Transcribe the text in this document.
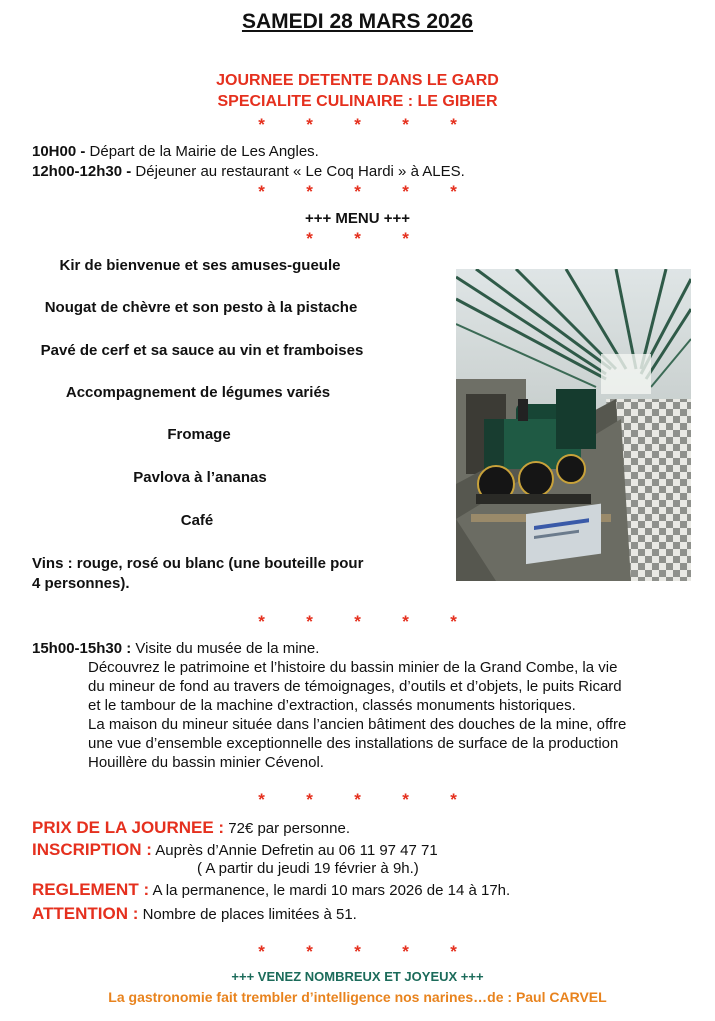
SAMEDI 28 MARS 2026
JOURNEE DETENTE DANS LE GARD
SPECIALITE CULINAIRE : LE GIBIER
* * * * *
10H00 - Départ de la Mairie de Les Angles.
12h00-12h30 - Déjeuner au restaurant « Le Coq Hardi » à ALES.
* * * * *
+++ MENU +++
* * *
Kir de bienvenue et ses amuses-gueule
Nougat de chèvre et son pesto à la pistache
Pavé de cerf et sa sauce au vin et framboises
Accompagnement de légumes variés
Fromage
Pavlova à l’ananas
Café
Vins : rouge, rosé ou blanc (une bouteille pour
4 personnes).
* * * * *
15h00-15h30 : Visite du musée de la mine.
Découvrez le patrimoine et l’histoire du bassin minier de la Grand Combe, la vie
du mineur de fond au travers de témoignages, d’outils et d’objets, le puits Ricard
et le tambour de la machine d’extraction, classés monuments historiques.
La maison du mineur située dans l’ancien bâtiment des douches de la mine, offre
une vue d’ensemble exceptionnelle des installations de surface de la production
Houillère du bassin minier Cévenol.
* * * * *
PRIX DE LA JOURNEE : 72€ par personne.
INSCRIPTION : Auprès d’Annie Defretin au 06 11 97 47 71
( A partir du jeudi 19 février à 9h.)
REGLEMENT : A la permanence, le mardi 10 mars 2026 de 14 à 17h.
ATTENTION : Nombre de places limitées à 51.
* * * * *
+++ VENEZ NOMBREUX ET JOYEUX +++
La gastronomie fait trembler d’intelligence nos narines…de : Paul CARVEL
